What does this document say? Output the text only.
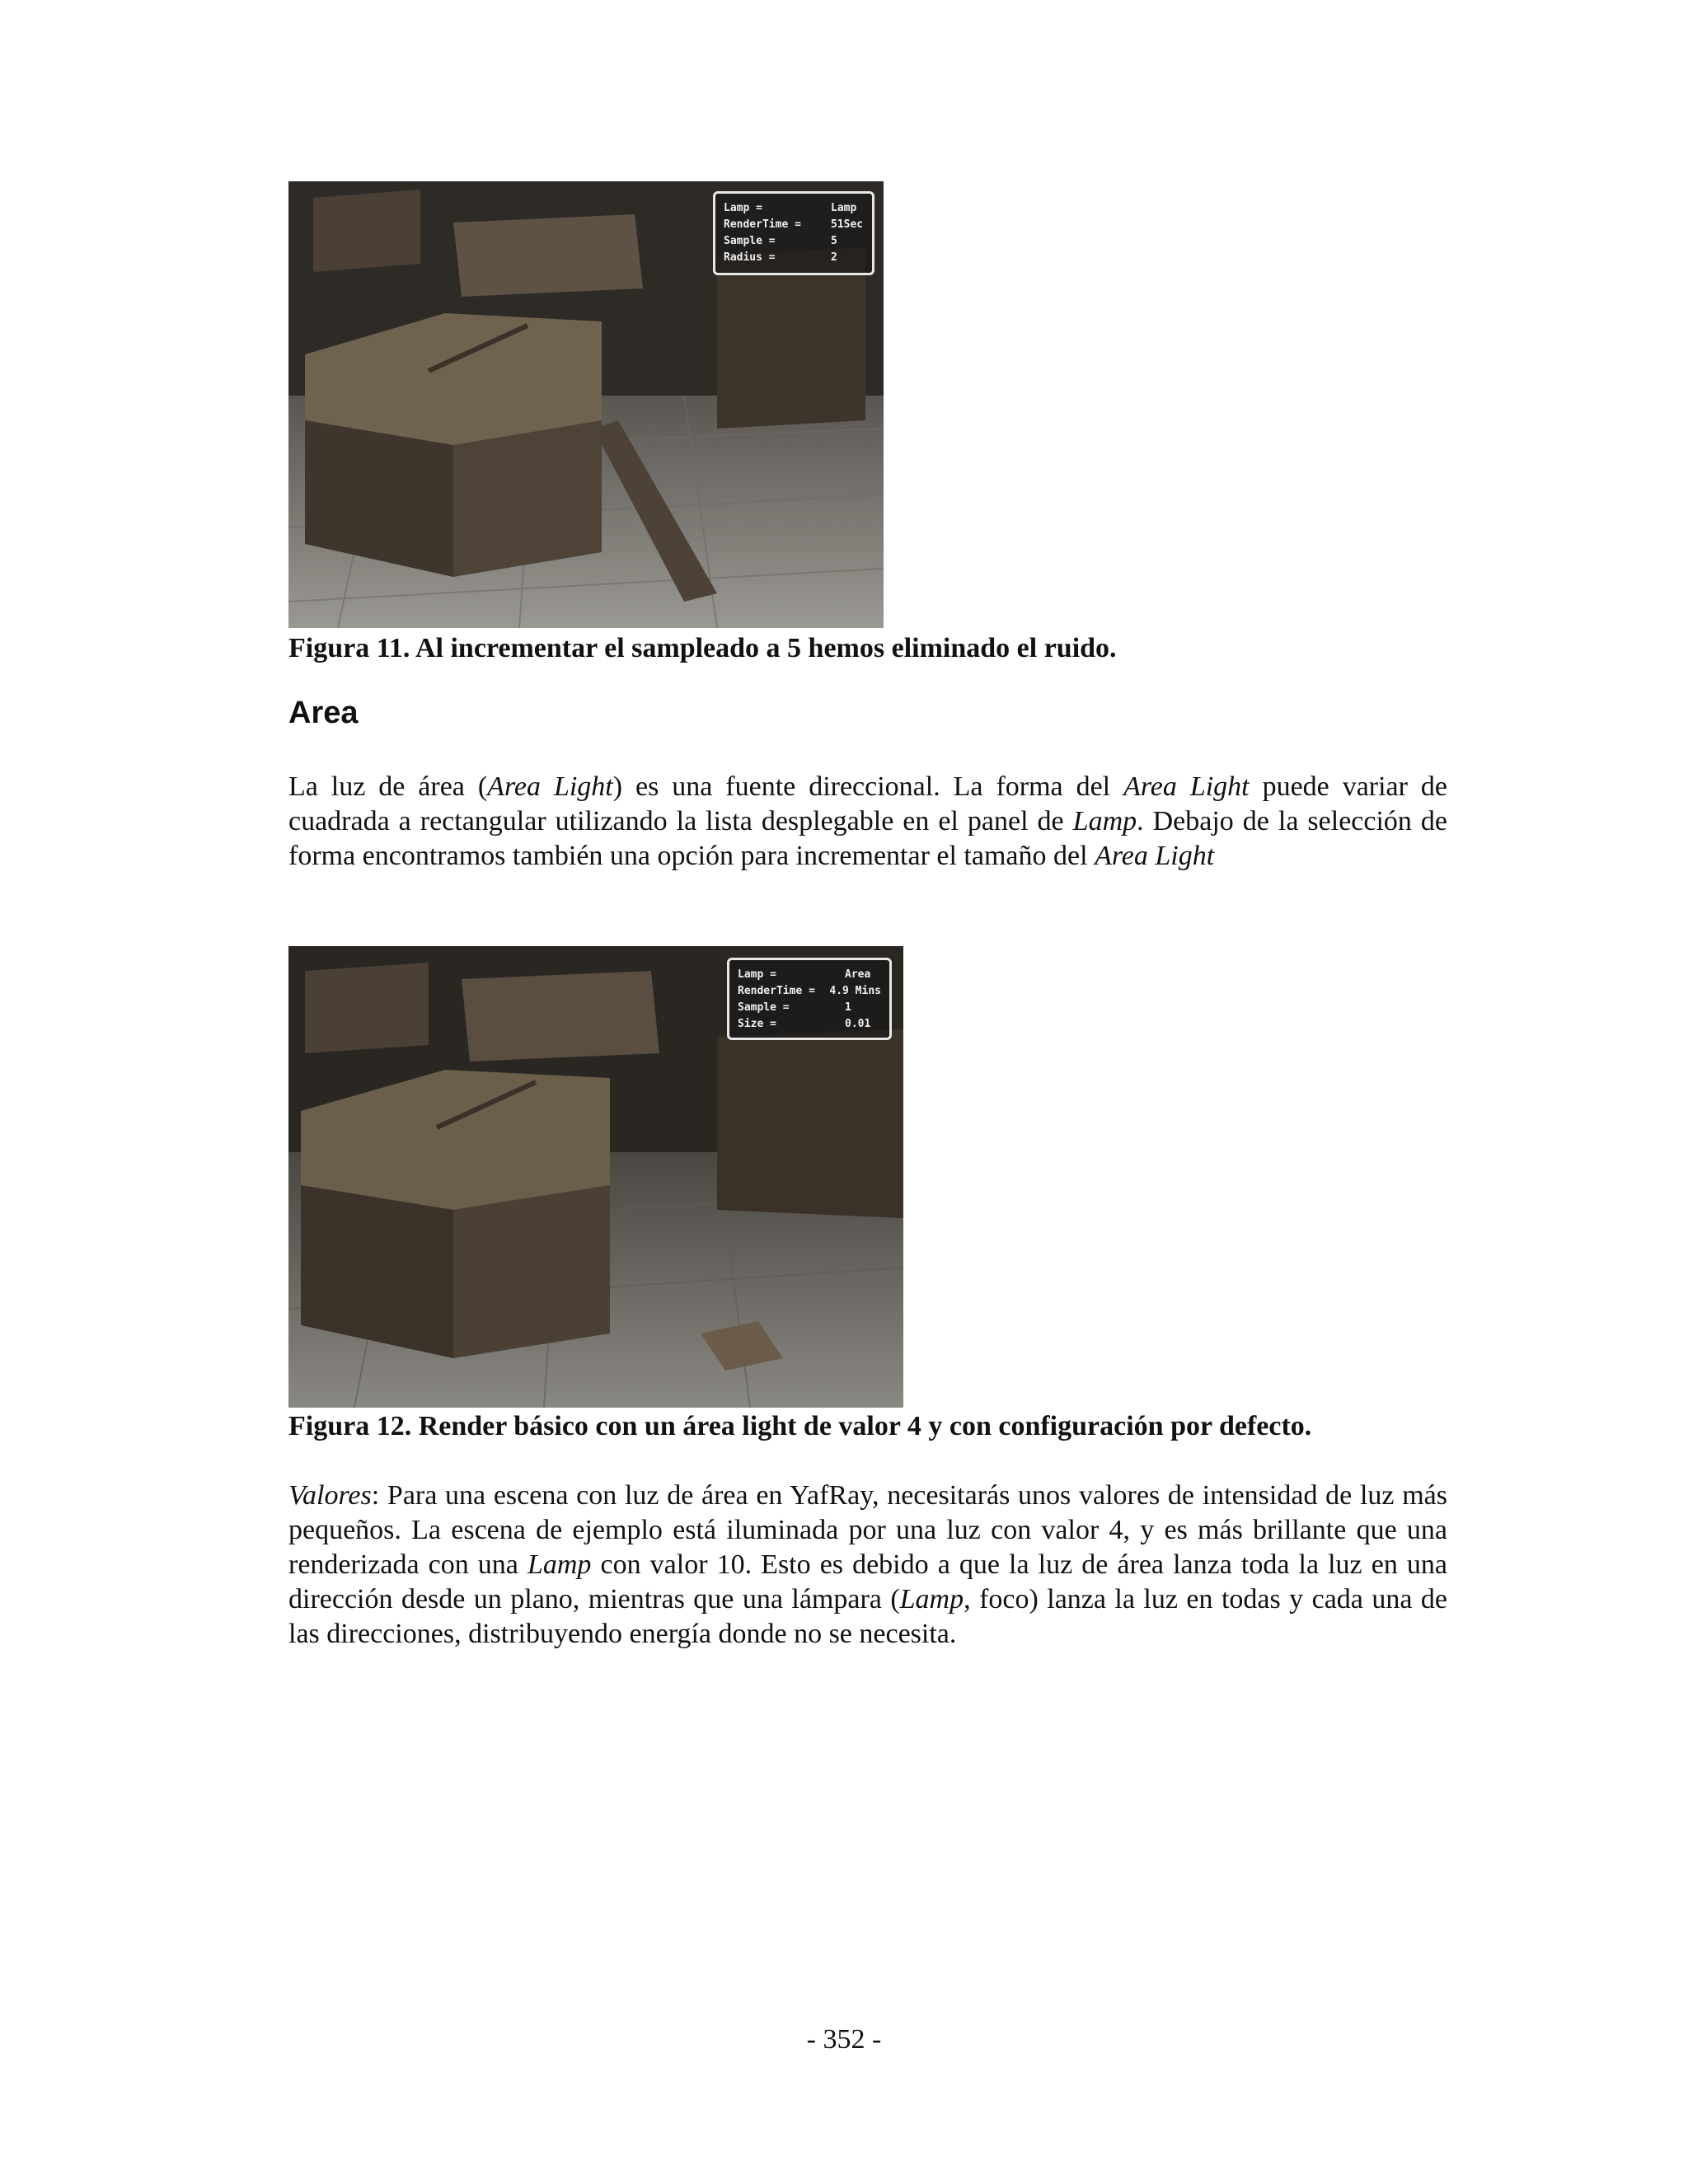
Lamp =	Lamp
RenderTime =	51Sec
Sample =	5
Radius =	2
Figura 11. Al incrementar el sampleado a 5 hemos eliminado el ruido.
Area

La luz de área (Area Light) es una fuente direccional. La forma del Area Light puede variar de cuadrada a rectangular utilizando la lista desplegable en el panel de Lamp. Debajo de la selección de forma encontramos también una opción para incrementar el tamaño del Area Light

Lamp =	Area
RenderTime =	4.9 Mins
Sample =	1
Size =	0.01
Figura 12. Render básico con un área light de valor 4 y con configuración por defecto.

Valores: Para una escena con luz de área en YafRay, necesitarás unos valores de intensidad de luz más pequeños. La escena de ejemplo está iluminada por una luz con valor 4, y es más brillante que una renderizada con una Lamp con valor 10. Esto es debido a que la luz de área lanza toda la luz en una dirección desde un plano, mientras que una lámpara (Lamp, foco) lanza la luz en todas y cada una de las direcciones, distribuyendo energía donde no se necesita.

- 352 -
